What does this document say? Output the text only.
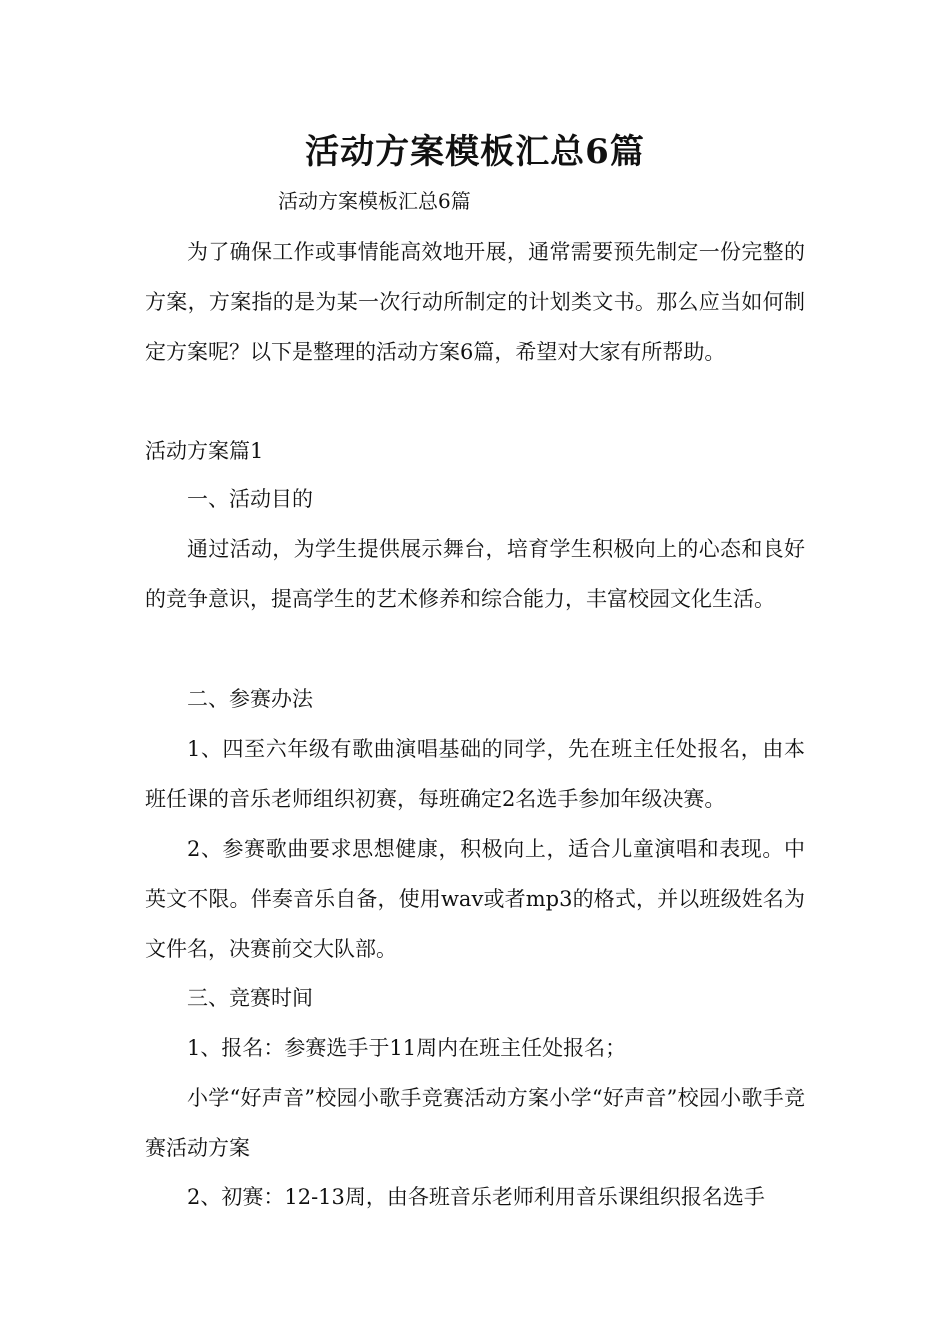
活动方案模板汇总6篇
活动方案模板汇总6篇

为了确保工作或事情能高效地开展，通常需要预先制定一份完整的方案，方案指的是为某一次行动所制定的计划类文书。那么应当如何制定方案呢？以下是整理的活动方案6篇，希望对大家有所帮助。

活动方案篇1

一、活动目的

通过活动，为学生提供展示舞台，培育学生积极向上的心态和良好的竞争意识，提高学生的艺术修养和综合能力，丰富校园文化生活。

二、参赛办法

1、四至六年级有歌曲演唱基础的同学，先在班主任处报名，由本班任课的音乐老师组织初赛，每班确定2名选手参加年级决赛。

2、参赛歌曲要求思想健康，积极向上，适合儿童演唱和表现。中英文不限。伴奏音乐自备，使用wav或者mp3的格式，并以班级姓名为文件名，决赛前交大队部。

三、竞赛时间

1、报名：参赛选手于11周内在班主任处报名；

小学“好声音”校园小歌手竞赛活动方案小学“好声音”校园小歌手竞赛活动方案

2、初赛：12-13周，由各班音乐老师利用音乐课组织报名选手
